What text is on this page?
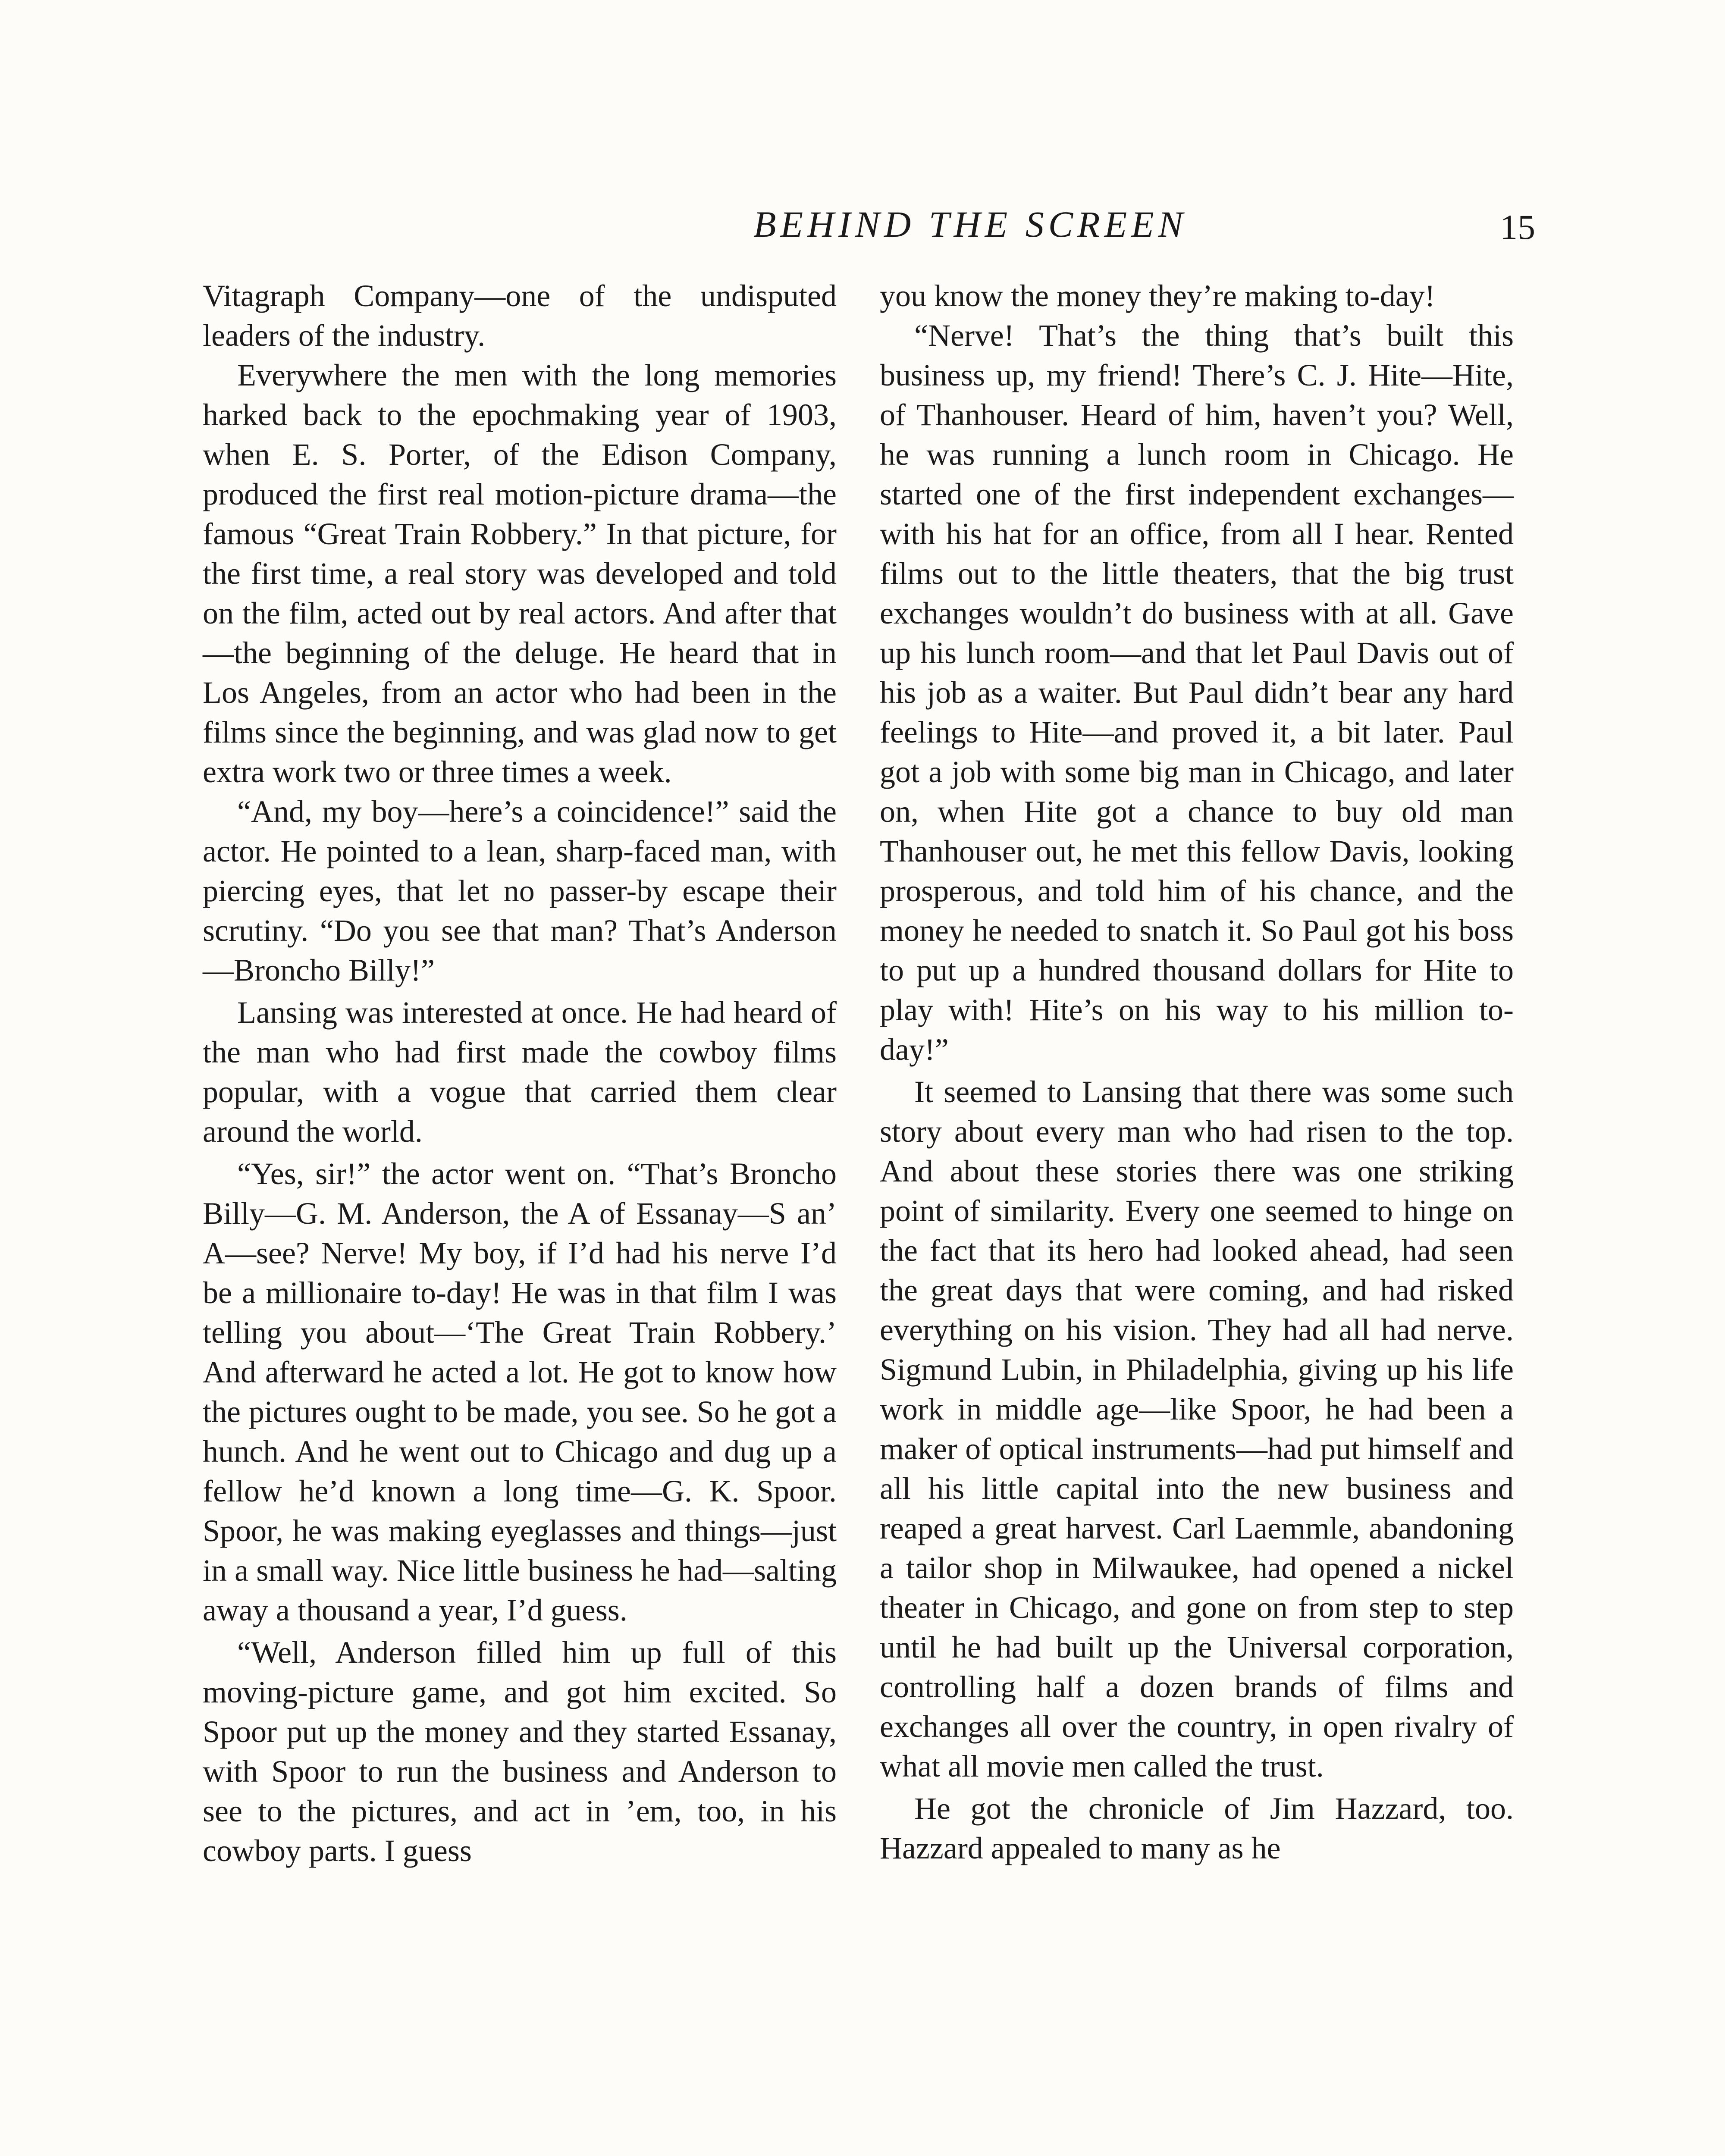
BEHIND THE SCREEN	15

Vitagraph Company—one of the undisputed leaders of the industry.

Everywhere the men with the long memories harked back to the epochmaking year of 1903, when E. S. Porter, of the Edison Company, produced the first real motion-picture drama—the famous “Great Train Robbery.” In that picture, for the first time, a real story was developed and told on the film, acted out by real actors. And after that—the beginning of the deluge. He heard that in Los Angeles, from an actor who had been in the films since the beginning, and was glad now to get extra work two or three times a week.

“And, my boy—here’s a coincidence!” said the actor. He pointed to a lean, sharp-faced man, with piercing eyes, that let no passer-by escape their scrutiny. “Do you see that man? That’s Anderson—Broncho Billy!”

Lansing was interested at once. He had heard of the man who had first made the cowboy films popular, with a vogue that carried them clear around the world.

“Yes, sir!” the actor went on. “That’s Broncho Billy—G. M. Anderson, the A of Essanay—S an’ A—see? Nerve! My boy, if I’d had his nerve I’d be a millionaire to-day! He was in that film I was telling you about—‘The Great Train Robbery.’ And afterward he acted a lot. He got to know how the pictures ought to be made, you see. So he got a hunch. And he went out to Chicago and dug up a fellow he’d known a long time—G. K. Spoor. Spoor, he was making eyeglasses and things—just in a small way. Nice little business he had—salting away a thousand a year, I’d guess.

“Well, Anderson filled him up full of this moving-picture game, and got him excited. So Spoor put up the money and they started Essanay, with Spoor to run the business and Anderson to see to the pictures, and act in ’em, too, in his cowboy parts. I guess

you know the money they’re making to-day!

“Nerve! That’s the thing that’s built this business up, my friend! There’s C. J. Hite—Hite, of Thanhouser. Heard of him, haven’t you? Well, he was running a lunch room in Chicago. He started one of the first independent exchanges—with his hat for an office, from all I hear. Rented films out to the little theaters, that the big trust exchanges wouldn’t do business with at all. Gave up his lunch room—and that let Paul Davis out of his job as a waiter. But Paul didn’t bear any hard feelings to Hite—and proved it, a bit later. Paul got a job with some big man in Chicago, and later on, when Hite got a chance to buy old man Thanhouser out, he met this fellow Davis, looking prosperous, and told him of his chance, and the money he needed to snatch it. So Paul got his boss to put up a hundred thousand dollars for Hite to play with! Hite’s on his way to his million to-day!”

It seemed to Lansing that there was some such story about every man who had risen to the top. And about these stories there was one striking point of similarity. Every one seemed to hinge on the fact that its hero had looked ahead, had seen the great days that were coming, and had risked everything on his vision. They had all had nerve. Sigmund Lubin, in Philadelphia, giving up his life work in middle age—like Spoor, he had been a maker of optical instruments—had put himself and all his little capital into the new business and reaped a great harvest. Carl Laemmle, abandoning a tailor shop in Milwaukee, had opened a nickel theater in Chicago, and gone on from step to step until he had built up the Universal corporation, controlling half a dozen brands of films and exchanges all over the country, in open rivalry of what all movie men called the trust.

He got the chronicle of Jim Hazzard, too. Hazzard appealed to many as he
